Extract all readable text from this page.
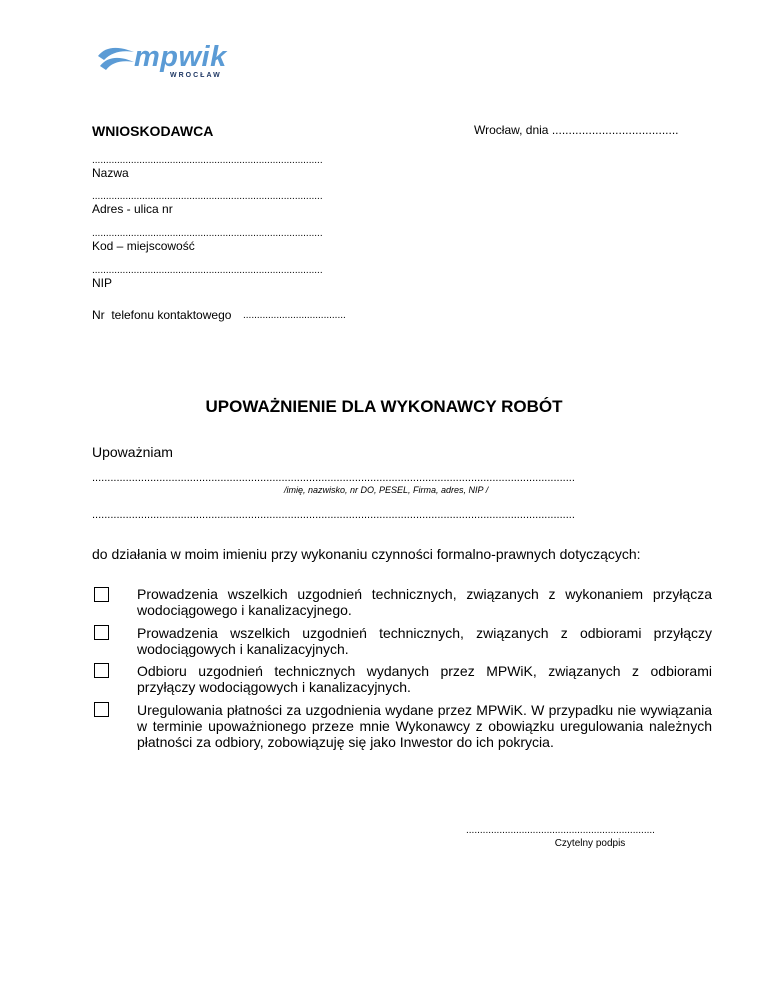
mpwik
WROCŁAW
WNIOSKODAWCA	Wrocław, dnia ......................................
...................................................................................
Nazwa
...................................................................................
Adres - ulica nr
...................................................................................
Kod – miejscowość
...................................................................................
NIP
Nr  telefonu kontaktowego .....................................
UPOWAŻNIENIE DLA WYKONAWCY ROBÓT
Upoważniam
..............................................................................................................................................................
/imię, nazwisko, nr DO, PESEL, Firma, adres, NIP /
..............................................................................................................................................................
do działania w moim imieniu przy wykonaniu czynności formalno-prawnych dotyczących:
Prowadzenia wszelkich uzgodnień technicznych, związanych z wykonaniem przyłącza wodociągowego i kanalizacyjnego.
Prowadzenia wszelkich uzgodnień technicznych, związanych z odbiorami przyłączy wodociągowych i kanalizacyjnych.
Odbioru uzgodnień technicznych wydanych przez MPWiK, związanych z odbiorami przyłączy wodociągowych i kanalizacyjnych.
Uregulowania płatności za uzgodnienia wydane przez MPWiK. W przypadku nie wywiązania w terminie upoważnionego przeze mnie Wykonawcy z obowiązku uregulowania należnych płatności za odbiory, zobowiązuję się jako Inwestor do ich pokrycia.
....................................................................
Czytelny podpis
